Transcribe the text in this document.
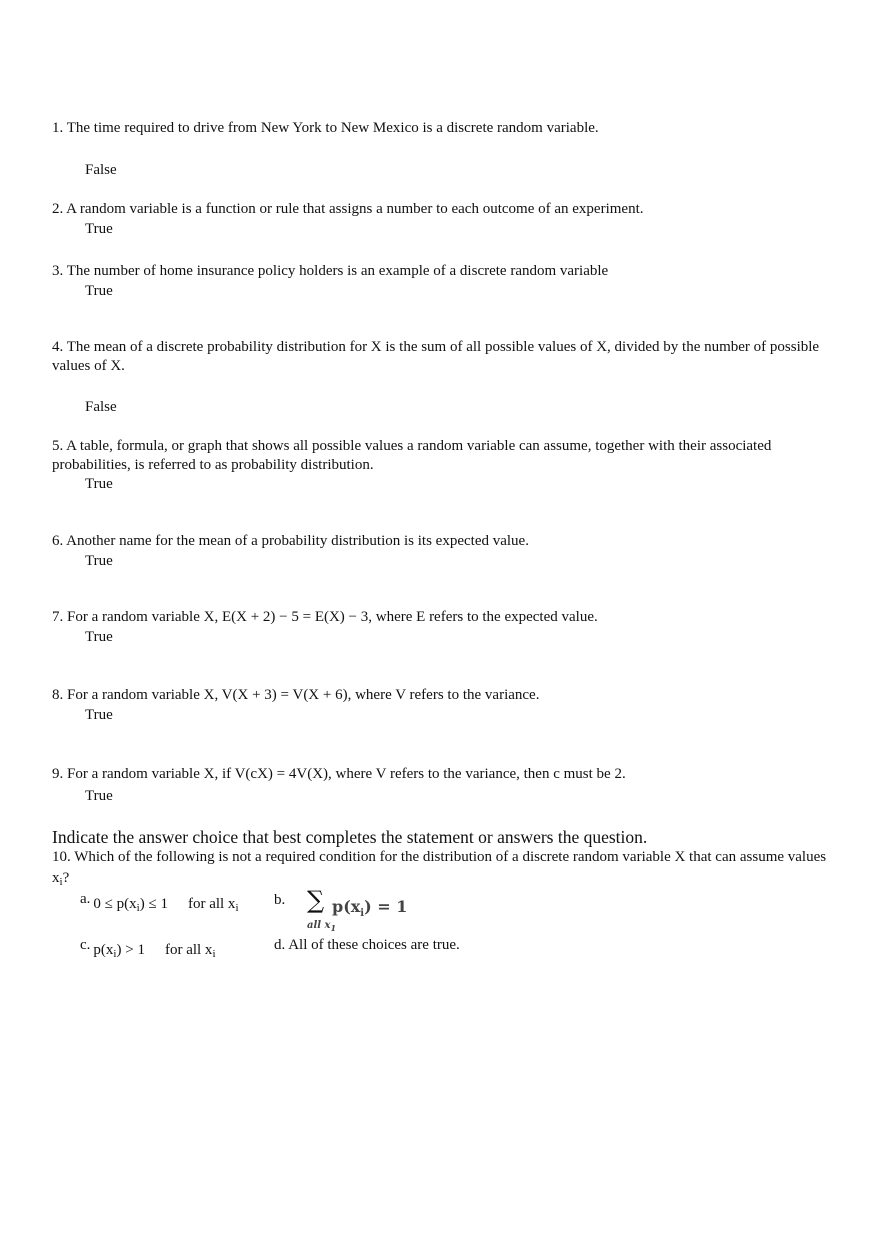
1. The time required to drive from New York to New Mexico is a discrete random variable.
False
2. A random variable is a function or rule that assigns a number to each outcome of an experiment.
True
3. The number of home insurance policy holders is an example of a discrete random variable
True
4. The mean of a discrete probability distribution for X is the sum of all possible values of X, divided by the number of possible values of X.
False
5. A table, formula, or graph that shows all possible values a random variable can assume, together with their associated probabilities, is referred to as probability distribution.
True
6. Another name for the mean of a probability distribution is its expected value.
True
7. For a random variable X, E(X + 2) − 5 = E(X) − 3, where E refers to the expected value.
True
8. For a random variable X, V(X + 3) = V(X + 6), where V refers to the variance.
True
9. For a random variable X, if V(cX) = 4V(X), where V refers to the variance, then c must be 2.
True
Indicate the answer choice that best completes the statement or answers the question.
10. Which of the following is not a required condition for the distribution of a discrete random variable X that can assume values $x_i$?
a. $0 \le p(x_i) \le 1$ for all $x_i$ b. ∑ $p(x_i) = 1$
all $x_1$
c. $p(x_i) > 1$ for all $x_i$
d. All of these choices are true.
